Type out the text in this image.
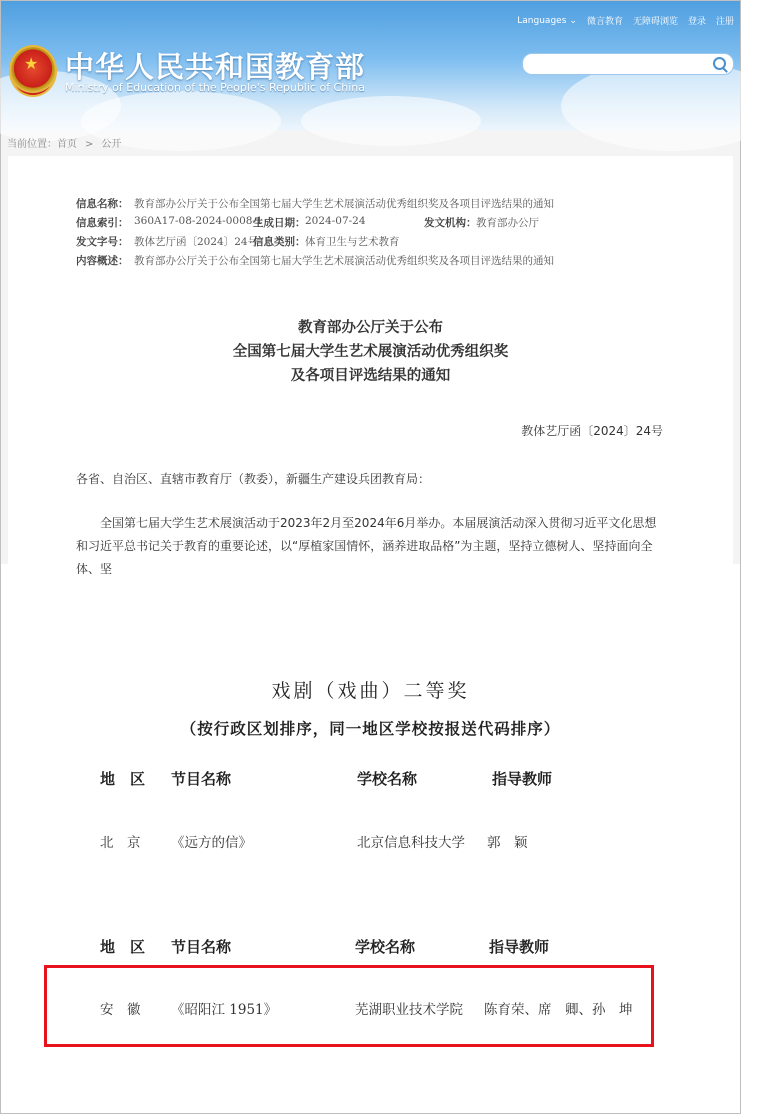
★ 中华人民共和国教育部
Ministry of Education of the People's Republic of China
Languages ⌄ 微言教育 无障碍浏览 登录 注册
当前位置：首页 > 公开
信息名称： 教育部办公厅关于公布全国第七届大学生艺术展演活动优秀组织奖及各项目评选结果的通知
信息索引： 360A17-08-2024-0008-1
生成日期： 2024-07-24	发文机构： 教育部办公厅
发文字号： 教体艺厅函〔2024〕24号
信息类别： 体育卫生与艺术教育
内容概述： 教育部办公厅关于公布全国第七届大学生艺术展演活动优秀组织奖及各项目评选结果的通知
教育部办公厅关于公布
全国第七届大学生艺术展演活动优秀组织奖
及各项目评选结果的通知
教体艺厅函〔2024〕24号
各省、自治区、直辖市教育厅（教委），新疆生产建设兵团教育局：
全国第七届大学生艺术展演活动于2023年2月至2024年6月举办。本届展演活动深入贯彻习近平文化思想和习近平总书记关于教育的重要论述，以“厚植家国情怀，涵养进取品格”为主题，坚持立德树人、坚持面向全体、坚
戏剧（戏曲）二等奖
（按行政区划排序，同一地区学校按报送代码排序）
地　区 节目名称	学校名称	指导教师
北　京 《远方的信》	北京信息科技大学 郭　颖
地　区 节目名称	学校名称	指导教师
安　徽 《昭阳江 1951》	芜湖职业技术学院 陈育荣、席　卿、孙　坤
